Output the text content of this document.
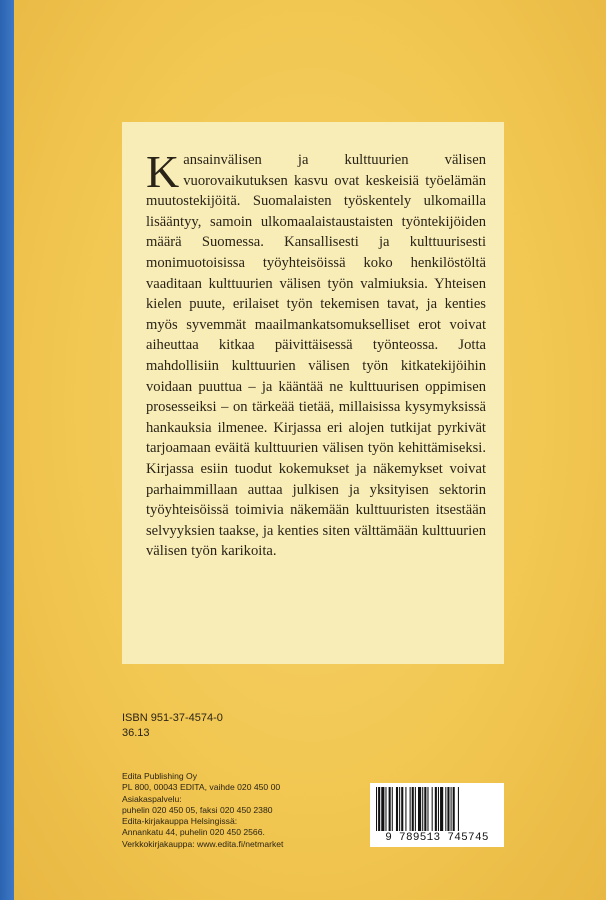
Kansainvälisen ja kulttuurien välisen vuorovaikutuksen kasvu ovat keskeisiä työelämän muutostekijöitä. Suomalaisten työskentely ulkomailla lisääntyy, samoin ulkomaalaistaustaisten työntekijöiden määrä Suomessa. Kansallisesti ja kulttuurisesti monimuotoisissa työyhteisöissä koko henkilöstöltä vaaditaan kulttuurien välisen työn valmiuksia. Yhteisen kielen puute, erilaiset työn tekemisen tavat, ja kenties myös syvemmät maailmankatsomukselliset erot voivat aiheuttaa kitkaa päivittäisessä työnteossa. Jotta mahdollisiin kulttuurien välisen työn kitkatekijöihin voidaan puuttua – ja kääntää ne kulttuurisen oppimisen prosesseiksi – on tärkeää tietää, millaisissa kysymyksissä hankauksia ilmenee. Kirjassa eri alojen tutkijat pyrkivät tarjoamaan eväitä kulttuurien välisen työn kehittämiseksi. Kirjassa esiin tuodut kokemukset ja näkemykset voivat parhaimmillaan auttaa julkisen ja yksityisen sektorin työyhteisöissä toimivia näkemään kulttuuristen itsestään selvyyksien taakse, ja kenties siten välttämään kulttuurien välisen työn karikoita.

ISBN 951-37-4574-0
36.13
Edita Publishing Oy
PL 800, 00043 EDITA, vaihde 020 450 00
Asiakaspalvelu:
puhelin 020 450 05, faksi 020 450 2380
Edita-kirjakauppa Helsingissä:
Annankatu 44, puhelin 020 450 2566.
Verkkokirjakauppa: www.edita.fi/netmarket	9 789513 745745
